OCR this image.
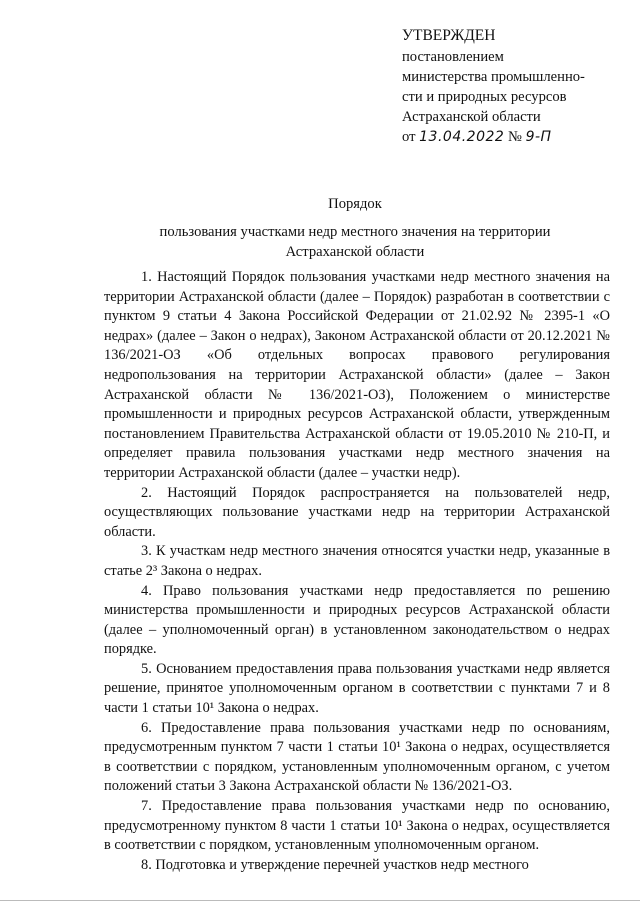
УТВЕРЖДЕН
постановлением
министерства промышленно-
сти и природных ресурсов
Астраханской области
от 13.04.2022 № 9-П
Порядок
пользования участками недр местного значения на территории
Астраханской области

1. Настоящий Порядок пользования участками недр местного значения на территории Астраханской области (далее – Порядок) разработан в соответствии с пунктом 9 статьи 4 Закона Российской Федерации от 21.02.92 № 2395-1 «О недрах» (далее – Закон о недрах), Законом Астраханской области от 20.12.2021 № 136/2021-ОЗ «Об отдельных вопросах правового регулирования недропользования на территории Астраханской области» (далее – Закон Астраханской области № 136/2021-ОЗ), Положением о министерстве промышленности и природных ресурсов Астраханской области, утвержденным постановлением Правительства Астраханской области от 19.05.2010 № 210-П, и определяет правила пользования участками недр местного значения на территории Астраханской области (далее – участки недр).

2. Настоящий Порядок распространяется на пользователей недр, осуществляющих пользование участками недр на территории Астраханской области.

3. К участкам недр местного значения относятся участки недр, указанные в статье 2³ Закона о недрах.

4. Право пользования участками недр предоставляется по решению министерства промышленности и природных ресурсов Астраханской области (далее – уполномоченный орган) в установленном законодательством о недрах порядке.

5. Основанием предоставления права пользования участками недр является решение, принятое уполномоченным органом в соответствии с пунктами 7 и 8 части 1 статьи 10¹ Закона о недрах.

6. Предоставление права пользования участками недр по основаниям, предусмотренным пунктом 7 части 1 статьи 10¹ Закона о недрах, осуществляется в соответствии с порядком, установленным уполномоченным органом, с учетом положений статьи 3 Закона Астраханской области № 136/2021-ОЗ.

7. Предоставление права пользования участками недр по основанию, предусмотренному пунктом 8 части 1 статьи 10¹ Закона о недрах, осуществляется в соответствии с порядком, установленным уполномоченным органом.

8. Подготовка и утверждение перечней участков недр местного
